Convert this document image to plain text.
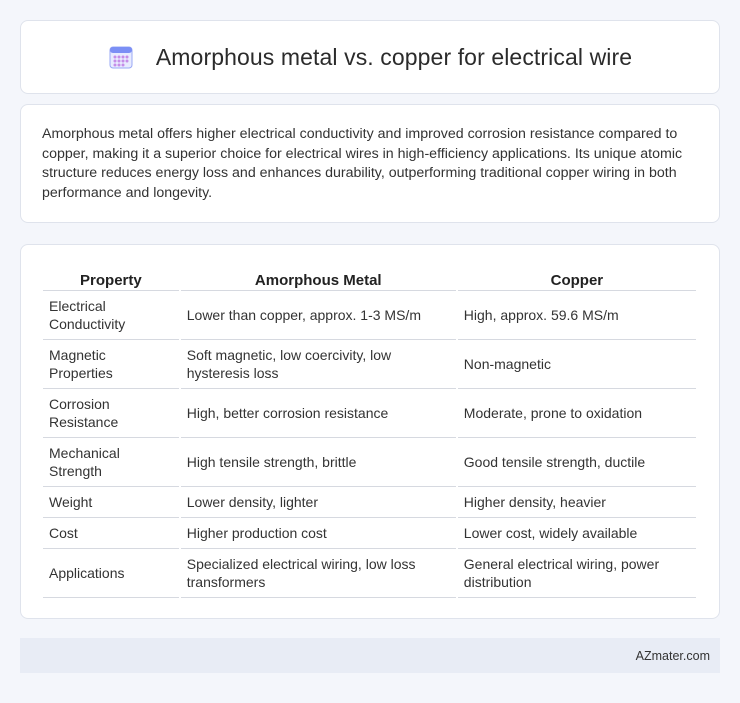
Amorphous metal vs. copper for electrical wire

Amorphous metal offers higher electrical conductivity and improved corrosion resistance compared to copper, making it a superior choice for electrical wires in high-efficiency applications. Its unique atomic structure reduces energy loss and enhances durability, outperforming traditional copper wiring in both performance and longevity.

Property	Amorphous Metal	Copper
Electrical Conductivity	Lower than copper, approx. 1-3 MS/m	High, approx. 59.6 MS/m
Magnetic Properties	Soft magnetic, low coercivity, low hysteresis loss	Non-magnetic
Corrosion Resistance	High, better corrosion resistance	Moderate, prone to oxidation
Mechanical Strength	High tensile strength, brittle	Good tensile strength, ductile
Weight	Lower density, lighter	Higher density, heavier
Cost	Higher production cost	Lower cost, widely available
Applications	Specialized electrical wiring, low loss transformers	General electrical wiring, power distribution
AZmater.com
